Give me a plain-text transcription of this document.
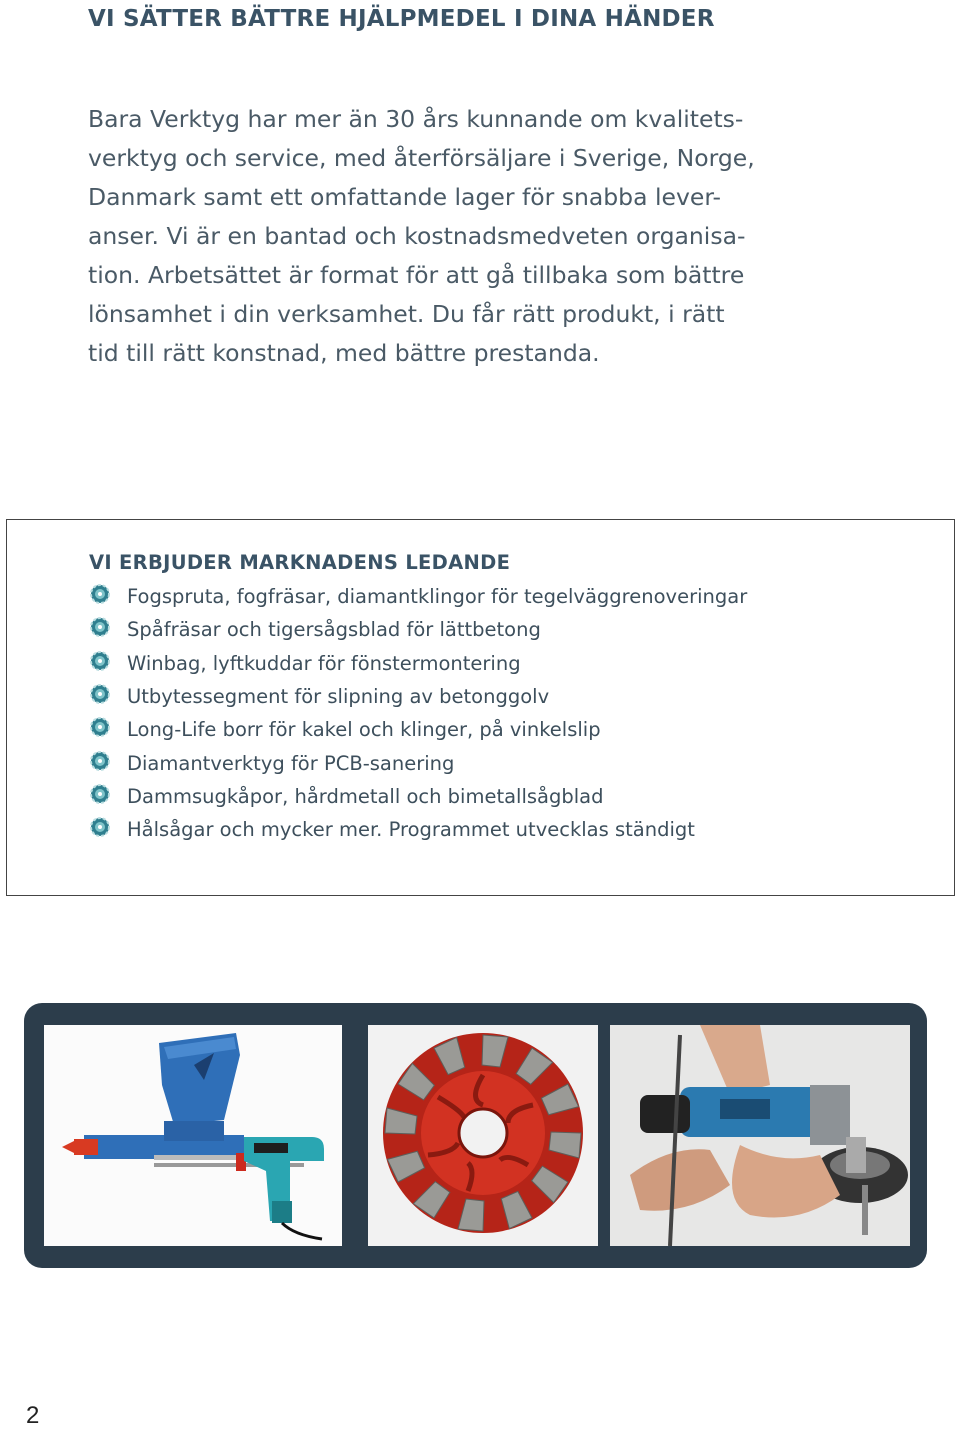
VI SÄTTER BÄTTRE HJÄLPMEDEL I DINA HÄNDER
Bara Verktyg har mer än 30 års kunnande om kvalitets-
verktyg och service, med återförsäljare i Sverige, Norge,
Danmark samt ett omfattande lager för snabba lever-
anser. Vi är en bantad och kostnadsmedveten organisa-
tion. Arbetsättet är format för att gå tillbaka som bättre
lönsamhet i din verksamhet. Du får rätt produkt, i rätt
tid till rätt konstnad, med bättre prestanda.
VI ERBJUDER MARKNADENS LEDANDE
Fogspruta, fogfräsar, diamantklingor för tegelväggrenoveringar
Spåfräsar och tigersågsblad för lättbetong
Winbag, lyftkuddar för fönstermontering
Utbytessegment för slipning av betonggolv
Long-Life borr för kakel och klinger, på vinkelslip
Diamantverktyg för PCB-sanering
Dammsugkåpor, hårdmetall och bimetallsågblad
Hålsågar och mycker mer. Programmet utvecklas ständigt
2
